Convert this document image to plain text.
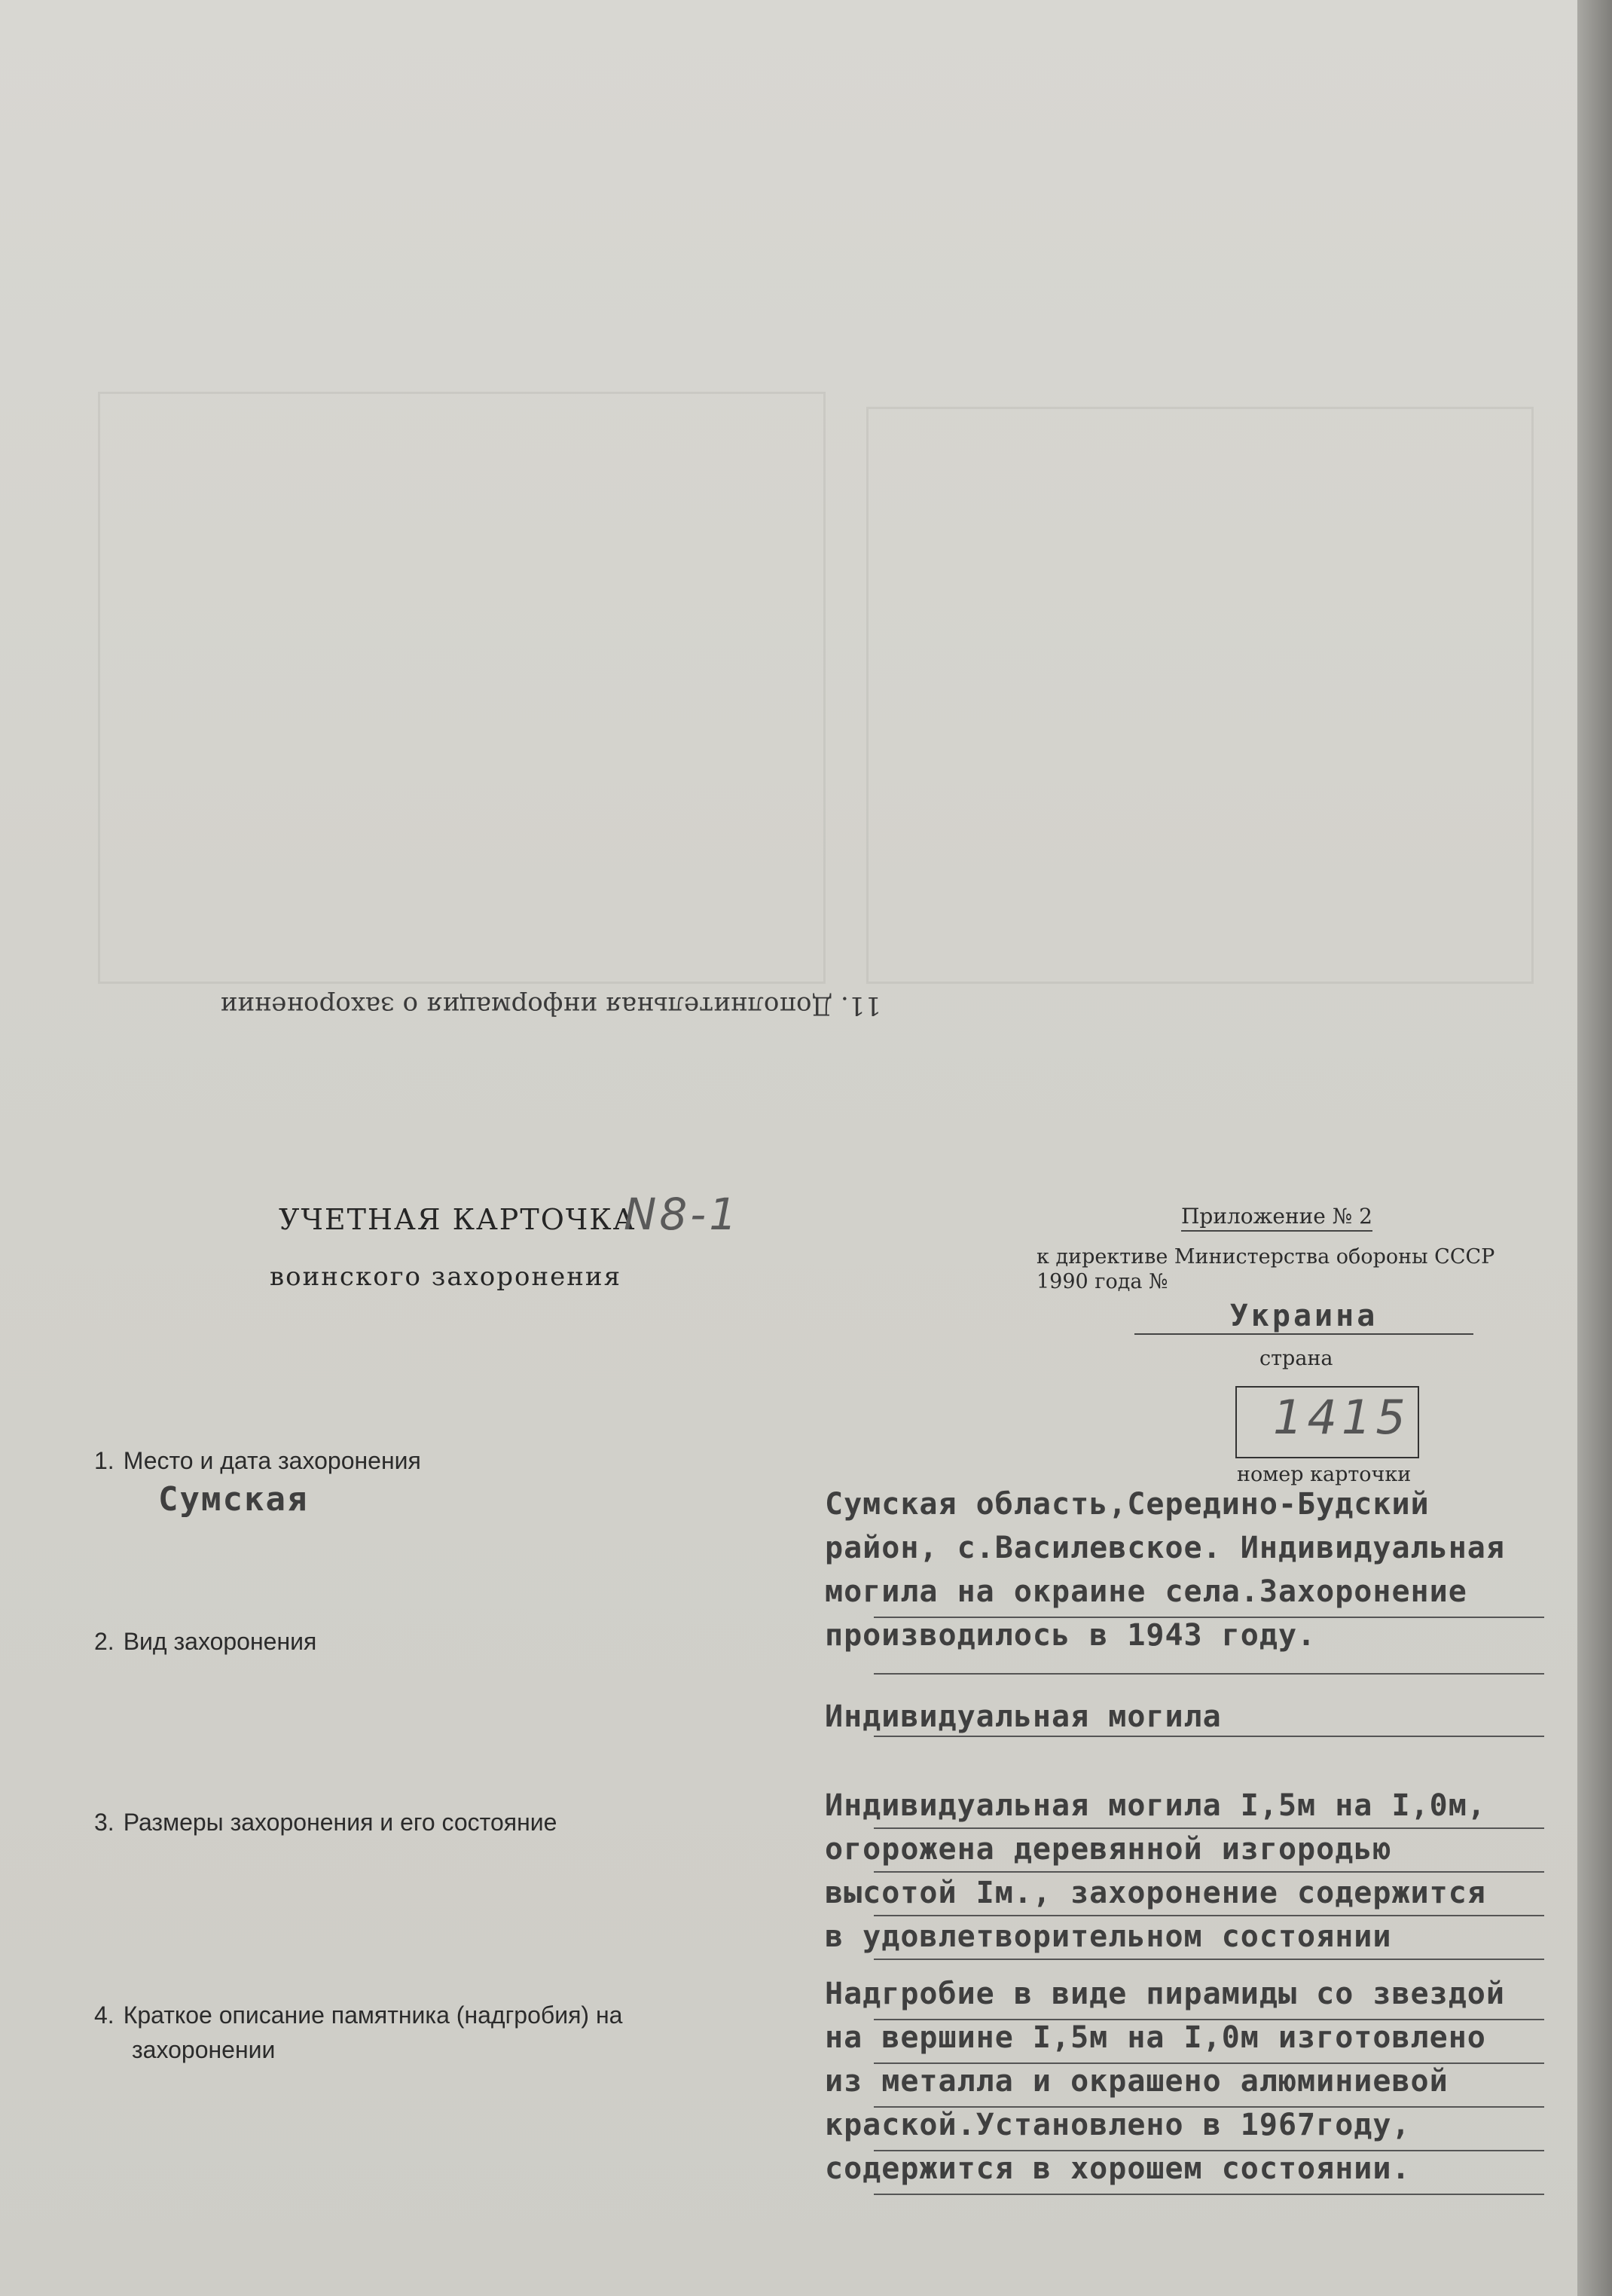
11. Дополнительная информация о захоронении
УЧЕТНАЯ КАРТОЧКА
N8-1
воинского захоронения
Приложение № 2
к директиве Министерства обороны СССР
1990 года №
Украина
страна
1415
номер карточки
1. Место и дата захоронения
Сумская	Сумская область,Середино-Будский
район, с.Василевское. Индивидуальная
могила на окраине села.Захоронение
производилось в 1943 году.
2. Вид захоронения
Индивидуальная могила
3. Размеры захоронения и его состояние	Индивидуальная могила I,5м на I,0м,
огорожена деревянной изгородью
высотой Iм., захоронение содержится
в удовлетворительном состоянии
4. Краткое описание памятника (надгробия) на
захоронении
Надгробие в виде пирамиды со звездой
на вершине I,5м на I,0м изготовлено
из металла и окрашено алюминиевой
краской.Установлено в 1967году,
содержится в хорошем состоянии.
